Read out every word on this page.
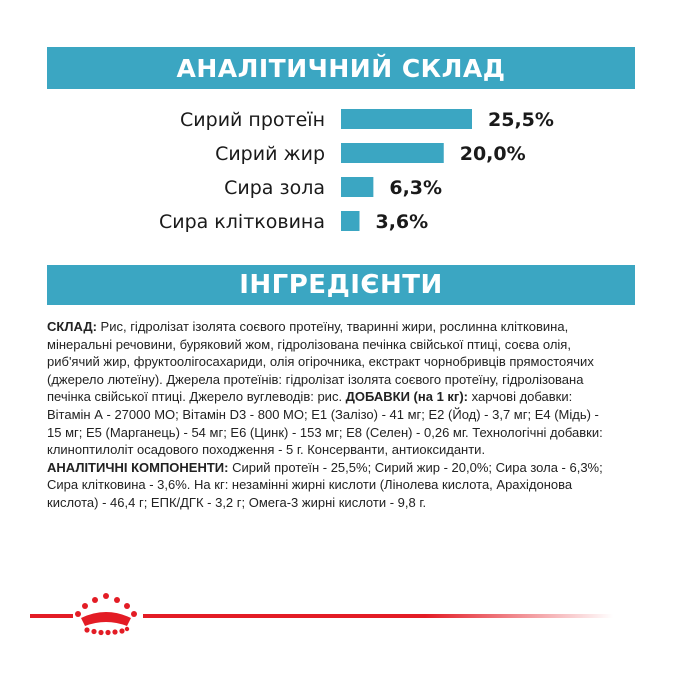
АНАЛІТИЧНИЙ СКЛАД
Сирий протеїн	25,5%
Сирий жир	20,0%
Сира зола	6,3%
Сира клітковина	3,6%
ІНГРЕДІЄНТИ
СКЛАД: Рис, гідролізат ізолята соєвого протеїну, тваринні жири, рослинна клітковина,
мінеральні речовини, буряковий жом, гідролізована печінка свійської птиці, соєва олія,
риб'ячий жир, фруктоолігосахариди, олія огірочника, екстракт чорнобривців прямостоячих
(джерело лютеїну). Джерела протеїнів: гідролізат ізолята соєвого протеїну, гідролізована
печінка свійської птиці. Джерело вуглеводів: рис. ДОБАВКИ (на 1 кг): харчові добавки:
Вітамін А - 27000 МО; Вітамін D3 - 800 МО; Е1 (Залізо) - 41 мг; Е2 (Йод) - 3,7 мг; Е4 (Мідь) -
15 мг; Е5 (Марганець) - 54 мг; Е6 (Цинк) - 153 мг; Е8 (Селен) - 0,26 мг. Технологічні добавки:
клиноптилоліт осадового походження - 5 г. Консерванти, антиоксиданти.
АНАЛІТИЧНІ КОМПОНЕНТИ: Сирий протеїн - 25,5%; Сирий жир - 20,0%; Сира зола - 6,3%;
Сира клітковина - 3,6%. На кг: незамінні жирні кислоти (Лінолева кислота, Арахідонова
кислота) - 46,4 г; ЕПК/ДГК - 3,2 г; Омега-3 жирні кислоти - 9,8 г.
